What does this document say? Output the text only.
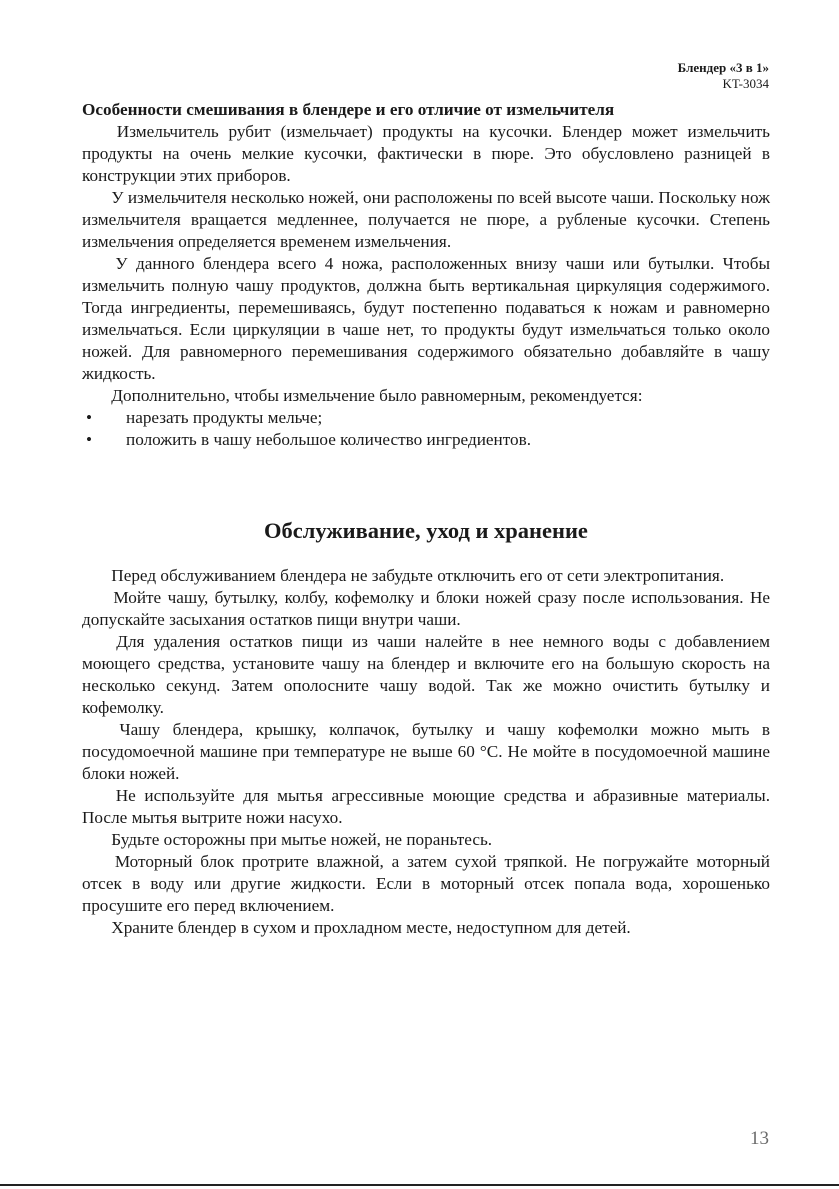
Блендер «3 в 1»
KT-3034
Особенности смешивания в блендере и его отличие от измельчителя

Измельчитель рубит (измельчает) продукты на кусочки. Блендер может измельчить продукты на очень мелкие кусочки, фактически в пюре. Это обусловлено разницей в конструкции этих приборов.

У измельчителя несколько ножей, они расположены по всей высоте чаши. Поскольку нож измельчителя вращается медленнее, получается не пюре, а рубленые кусочки. Степень измельчения определяется временем измельчения.

У данного блендера всего 4 ножа, расположенных внизу чаши или бутылки. Чтобы измельчить полную чашу продуктов, должна быть вертикальная циркуляция содержимого. Тогда ингредиенты, перемешиваясь, будут постепенно подаваться к ножам и равномерно измельчаться. Если циркуляции в чаше нет, то продукты будут измельчаться только около ножей. Для равномерного перемешивания содержимого обязательно добавляйте в чашу жидкость.

Дополнительно, чтобы измельчение было равномерным, рекомендуется:

• нарезать продукты мельче;
• положить в чашу небольшое количество ингредиентов.
Обслуживание, уход и хранение

Перед обслуживанием блендера не забудьте отключить его от сети электропитания.

Мойте чашу, бутылку, колбу, кофемолку и блоки ножей сразу после использования. Не допускайте засыхания остатков пищи внутри чаши.

Для удаления остатков пищи из чаши налейте в нее немного воды с добавлением моющего средства, установите чашу на блендер и включите его на большую скорость на несколько секунд. Затем ополосните чашу водой. Так же можно очистить бутылку и кофемолку.

Чашу блендера, крышку, колпачок, бутылку и чашу кофемолки можно мыть в посудомоечной машине при температуре не выше 60 °С. Не мойте в посудомоечной машине блоки ножей.

Не используйте для мытья агрессивные моющие средства и абразивные материалы. После мытья вытрите ножи насухо.

Будьте осторожны при мытье ножей, не пораньтесь.

Моторный блок протрите влажной, а затем сухой тряпкой. Не погружайте моторный отсек в воду или другие жидкости. Если в моторный отсек попала вода, хорошенько просушите его перед включением.

Храните блендер в сухом и прохладном месте, недоступном для детей.

13
